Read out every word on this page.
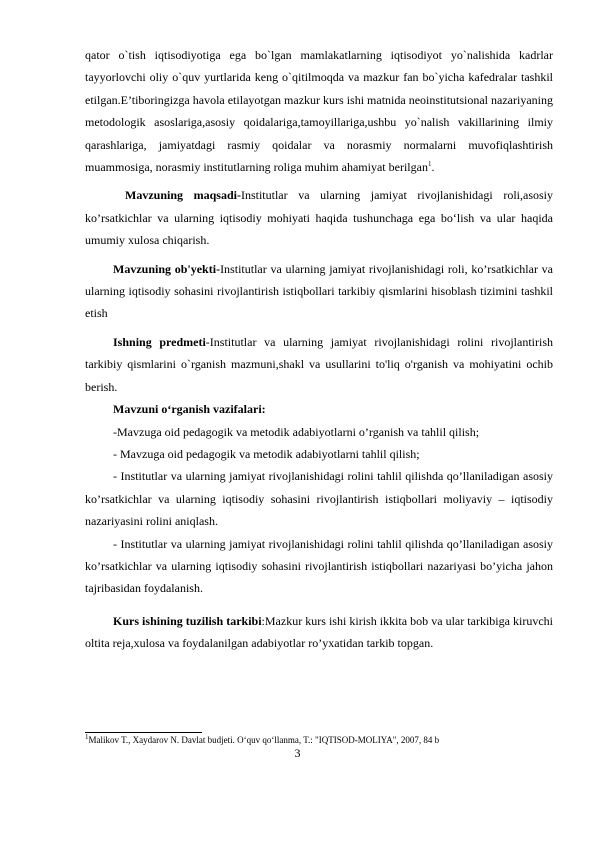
qator o`tish iqtisodiyotiga ega bo`lgan mamlakatlarning iqtisodiyot yo`nalishida kadrlar tayyorlovchi oliy o`quv yurtlarida keng o`qitilmoqda va mazkur fan bo`yicha kafedralar tashkil etilgan.E’tiboringizga havola etilayotgan mazkur kurs ishi matnida neoinstitutsional nazariyaning metodologik asoslariga,asosiy qoidalariga,tamoyillariga,ushbu yo`nalish vakillarining ilmiy qarashlariga, jamiyatdagi rasmiy qoidalar va norasmiy normalarni muvofiqlashtirish muammosiga, norasmiy institutlarning roliga muhim ahamiyat berilgan$^1$.

Mavzuning maqsadi-Institutlar va ularning jamiyat rivojlanishidagi roli,asosiy ko’rsatkichlar va ularning iqtisodiy mohiyati haqida tushunchaga ega bo‘lish va ular haqida umumiy xulosa chiqarish.

Mavzuning ob'yekti-Institutlar va ularning jamiyat rivojlanishidagi roli, ko’rsatkichlar va ularning iqtisodiy sohasini rivojlantirish istiqbollari tarkibiy qismlarini hisoblash tizimini tashkil etish

Ishning predmeti-Institutlar va ularning jamiyat rivojlanishidagi rolini rivojlantirish tarkibiy qismlarini o`rganish mazmuni,shakl va usullarini to'liq o'rganish va mohiyatini ochib berish.

Mavzuni o‘rganish vazifalari:

-Mavzuga oid pedagogik va metodik adabiyotlarni o’rganish va tahlil qilish;

- Mavzuga oid pedagogik va metodik adabiyotlarni tahlil qilish;

- Institutlar va ularning jamiyat rivojlanishidagi rolini tahlil qilishda qo’llaniladigan asosiy ko’rsatkichlar va ularning iqtisodiy sohasini rivojlantirish istiqbollari moliyaviy – iqtisodiy nazariyasini rolini aniqlash.

- Institutlar va ularning jamiyat rivojlanishidagi rolini tahlil qilishda qo’llaniladigan asosiy ko’rsatkichlar va ularning iqtisodiy sohasini rivojlantirish istiqbollari nazariyasi bo’yicha jahon tajribasidan foydalanish.

Kurs ishining tuzilish tarkibi:Mazkur kurs ishi kirish ikkita bob va ular tarkibiga kiruvchi oltita reja,xulosa va foydalanilgan adabiyotlar ro’yxatidan tarkib topgan.

$^1$Malikov T., Xaydarov N. Davlat budjeti. O‘quv qo‘llanma, T.: "IQTISOD-MOLIYA", 2007, 84 b
3
